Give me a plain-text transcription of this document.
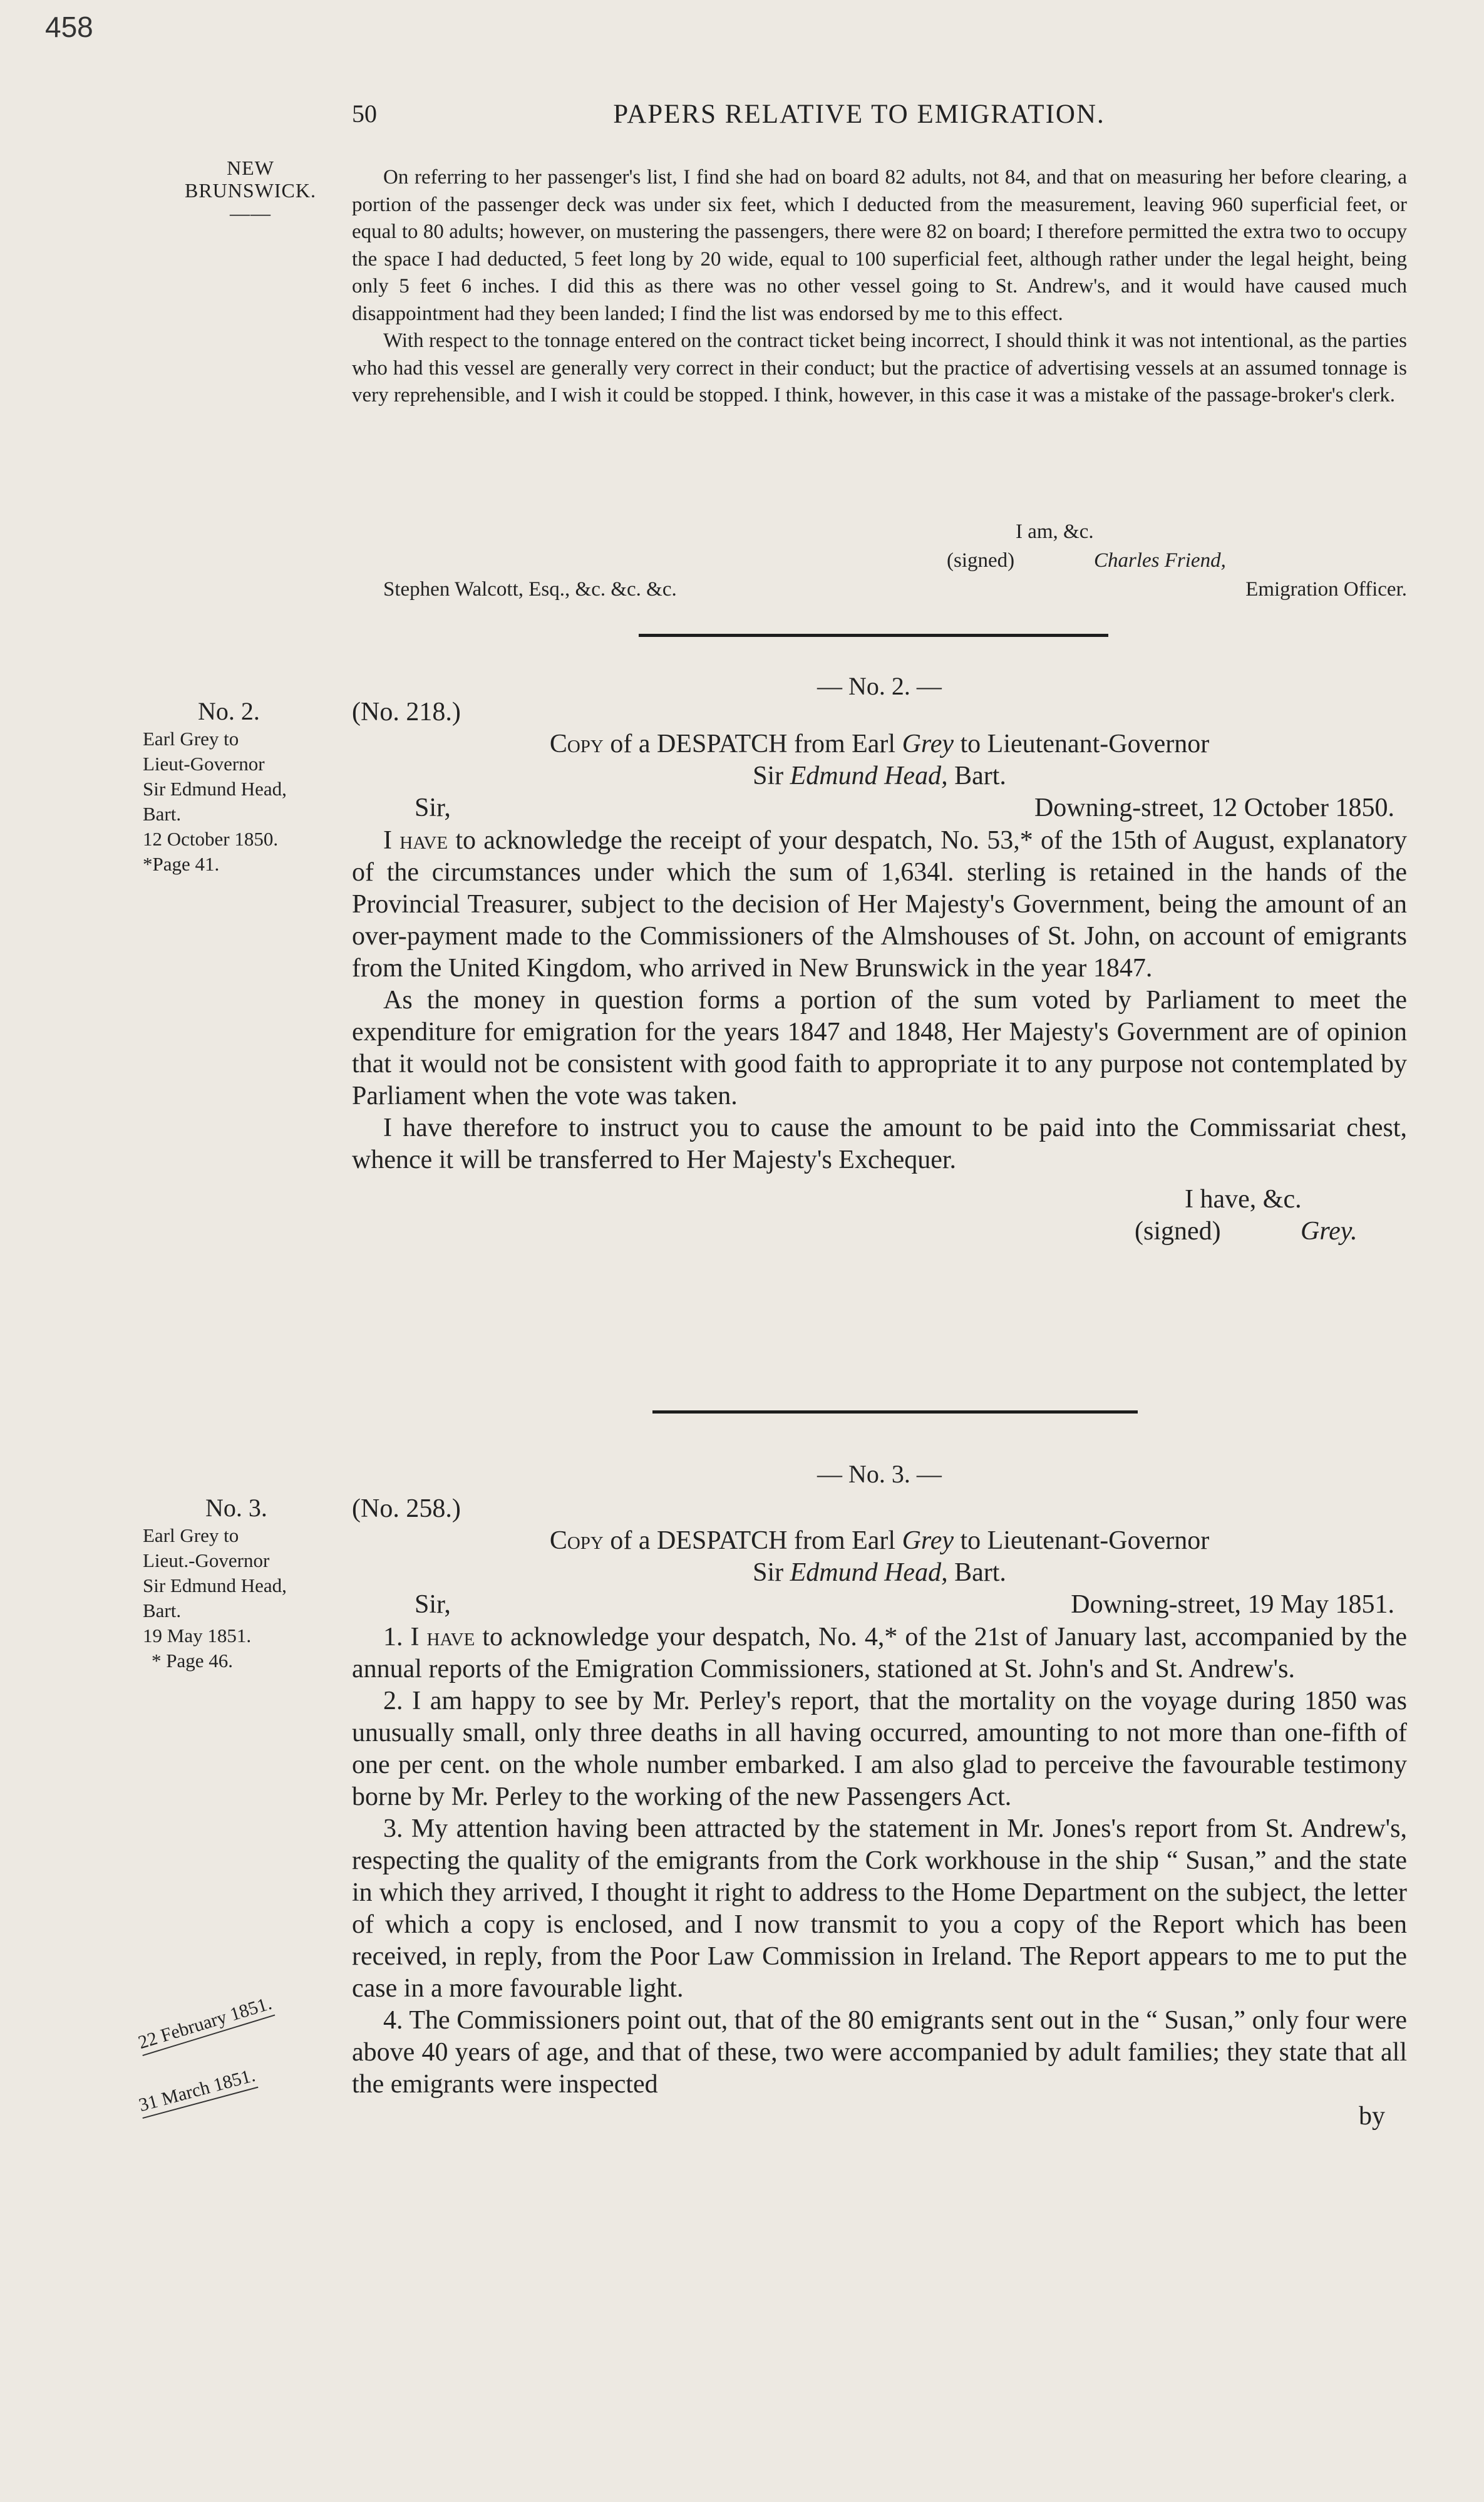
458
50	PAPERS RELATIVE TO EMIGRATION.
NEW
BRUNSWICK.
——

On referring to her passenger's list, I find she had on board 82 adults, not 84, and that on measuring her before clearing, a portion of the passenger deck was under six feet, which I deducted from the measurement, leaving 960 superficial feet, or equal to 80 adults; however, on mustering the passengers, there were 82 on board; I therefore permitted the extra two to occupy the space I had deducted, 5 feet long by 20 wide, equal to 100 superficial feet, although rather under the legal height, being only 5 feet 6 inches. I did this as there was no other vessel going to St. Andrew's, and it would have caused much disappointment had they been landed; I find the list was endorsed by me to this effect.

With respect to the tonnage entered on the contract ticket being incorrect, I should think it was not intentional, as the parties who had this vessel are generally very correct in their conduct; but the practice of advertising vessels at an assumed tonnage is very reprehensible, and I wish it could be stopped. I think, however, in this case it was a mistake of the passage-broker's clerk.

I am, &c.
(signed)	Charles Friend,
Stephen Walcott, Esq., &c. &c. &c.	Emigration Officer.
— No. 2. —
No. 2.
Earl Grey to
Lieut-Governor
Sir Edmund Head,
Bart.
12 October 1850.
*Page 41.
(No. 218.)
Copy of a DESPATCH from Earl Grey to Lieutenant-Governor
Sir Edmund Head, Bart.
Sir,	Downing-street, 12 October 1850.

I have to acknowledge the receipt of your despatch, No. 53,* of the 15th of August, explanatory of the circumstances under which the sum of 1,634l. sterling is retained in the hands of the Provincial Treasurer, subject to the decision of Her Majesty's Government, being the amount of an over-payment made to the Commissioners of the Almshouses of St. John, on account of emigrants from the United Kingdom, who arrived in New Brunswick in the year 1847.

As the money in question forms a portion of the sum voted by Parliament to meet the expenditure for emigration for the years 1847 and 1848, Her Majesty's Government are of opinion that it would not be consistent with good faith to appropriate it to any purpose not contemplated by Parliament when the vote was taken.

I have therefore to instruct you to cause the amount to be paid into the Commissariat chest, whence it will be transferred to Her Majesty's Exchequer.

I have, &c.
(signed)	Grey.
— No. 3. —
No. 3.
Earl Grey to
Lieut.-Governor
Sir Edmund Head,
Bart.
19 May 1851.
* Page 46.
22 February 1851.
31 March 1851.
(No. 258.)
Copy of a DESPATCH from Earl Grey to Lieutenant-Governor
Sir Edmund Head, Bart.
Sir,	Downing-street, 19 May 1851.

1. I have to acknowledge your despatch, No. 4,* of the 21st of January last, accompanied by the annual reports of the Emigration Commissioners, stationed at St. John's and St. Andrew's.

2. I am happy to see by Mr. Perley's report, that the mortality on the voyage during 1850 was unusually small, only three deaths in all having occurred, amounting to not more than one-fifth of one per cent. on the whole number embarked. I am also glad to perceive the favourable testimony borne by Mr. Perley to the working of the new Passengers Act.

3. My attention having been attracted by the statement in Mr. Jones's report from St. Andrew's, respecting the quality of the emigrants from the Cork workhouse in the ship “ Susan,” and the state in which they arrived, I thought it right to address to the Home Department on the subject, the letter of which a copy is enclosed, and I now transmit to you a copy of the Report which has been received, in reply, from the Poor Law Commission in Ireland. The Report appears to me to put the case in a more favourable light.

4. The Commissioners point out, that of the 80 emigrants sent out in the “ Susan,” only four were above 40 years of age, and that of these, two were accompanied by adult families; they state that all the emigrants were inspected

by
